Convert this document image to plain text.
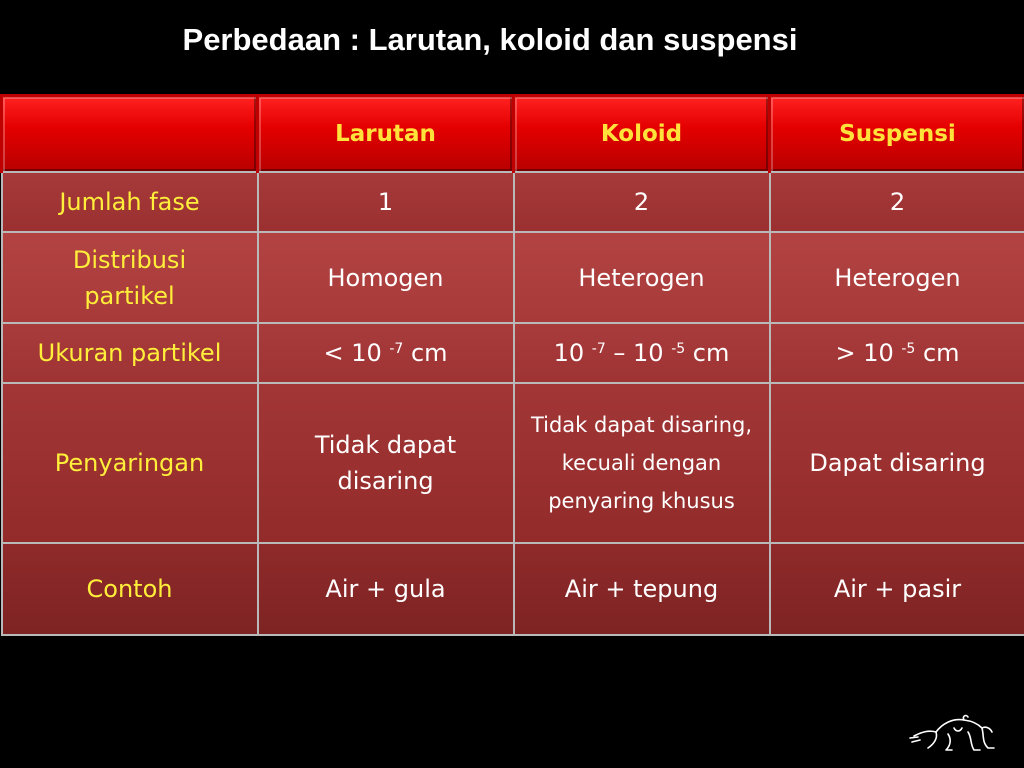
Perbedaan : Larutan, koloid dan suspensi
	Larutan	Koloid	Suspensi
Jumlah fase	1	2	2
Distribusi partikel	Homogen	Heterogen	Heterogen
Ukuran partikel	< 10 $^{-7}$ cm	10 $^{-7}$ – 10 $^{-5}$ cm	> 10 $^{-5}$ cm
Penyaringan	Tidak dapat disaring	Tidak dapat disaring, kecuali dengan penyaring khusus	Dapat disaring
Contoh	Air + gula	Air + tepung	Air + pasir
